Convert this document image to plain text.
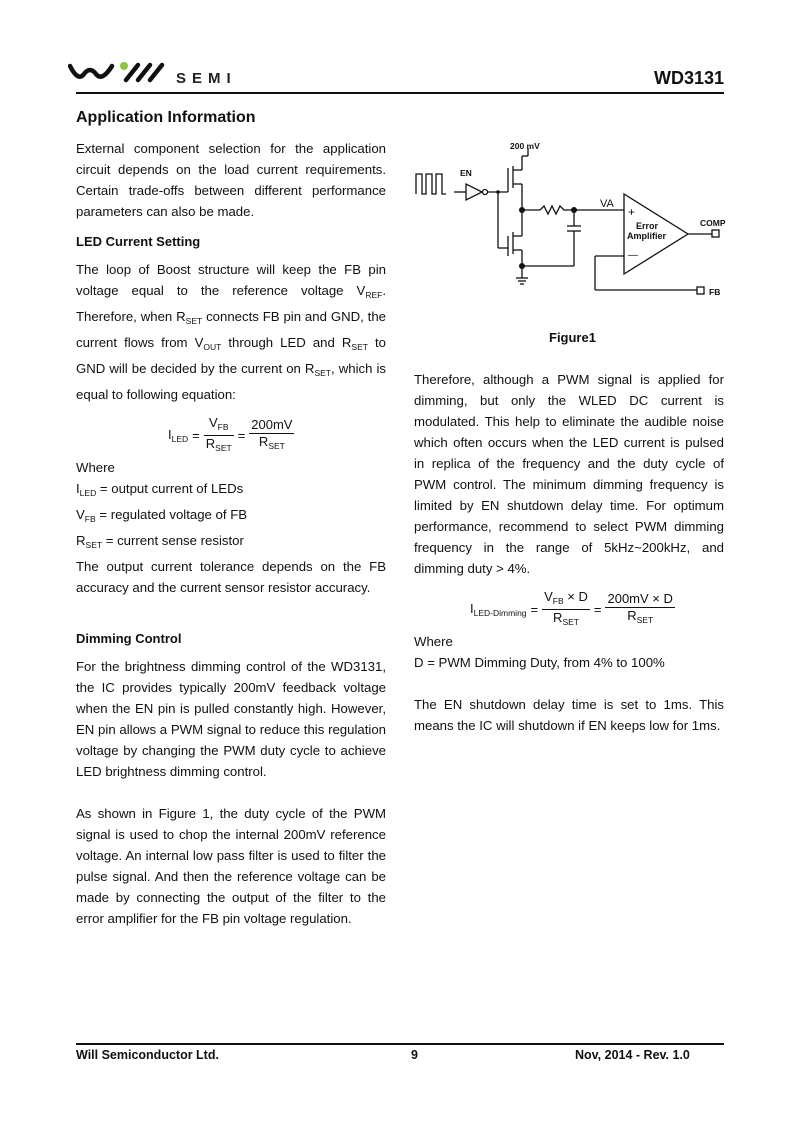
SEMI	WD3131
Application Information
External component selection for the application circuit depends on the load current requirements. Certain trade-offs between different performance parameters can also be made.
LED Current Setting
The loop of Boost structure will keep the FB pin voltage equal to the reference voltage $V_{REF}$. Therefore, when $R_{SET}$ connects FB pin and GND, the current flows from $V_{OUT}$ through LED and $R_{SET}$ to GND will be decided by the current on $R_{SET}$, which is equal to following equation:
$I_{LED} = \frac{V_{FB}}{R_{SET}} = \frac{200mV}{R_{SET}}$
Where
$I_{LED}$ = output current of LEDs
$V_{FB}$ = regulated voltage of FB
$R_{SET}$ = current sense resistor
The output current tolerance depends on the FB accuracy and the current sensor resistor accuracy.
Dimming Control
For the brightness dimming control of the WD3131, the IC provides typically 200mV feedback voltage when the EN pin is pulled constantly high. However, EN pin allows a PWM signal to reduce this regulation voltage by changing the PWM duty cycle to achieve LED brightness dimming control.
As shown in Figure 1, the duty cycle of the PWM signal is used to chop the internal 200mV reference voltage. An internal low pass filter is used to filter the pulse signal. And then the reference voltage can be made by connecting the output of the filter to the error amplifier for the FB pin voltage regulation.
200 mV
EN
VA
+
—
Error
Amplifier
COMP
FB
Figure1
Therefore, although a PWM signal is applied for dimming, but only the WLED DC current is modulated. This help to eliminate the audible noise which often occurs when the LED current is pulsed in replica of the frequency and the duty cycle of PWM control. The minimum dimming frequency is limited by EN shutdown delay time. For optimum performance, recommend to select PWM dimming frequency in the range of 5kHz~200kHz, and dimming duty > 4%.
$I_{LED-Dimming} = \frac{V_{FB} \times D}{R_{SET}} = \frac{200mV \times D}{R_{SET}}$
Where
D = PWM Dimming Duty, from 4% to 100%
The EN shutdown delay time is set to 1ms. This means the IC will shutdown if EN keeps low for 1ms.
Will Semiconductor Ltd.	9	Nov, 2014 - Rev. 1.0
